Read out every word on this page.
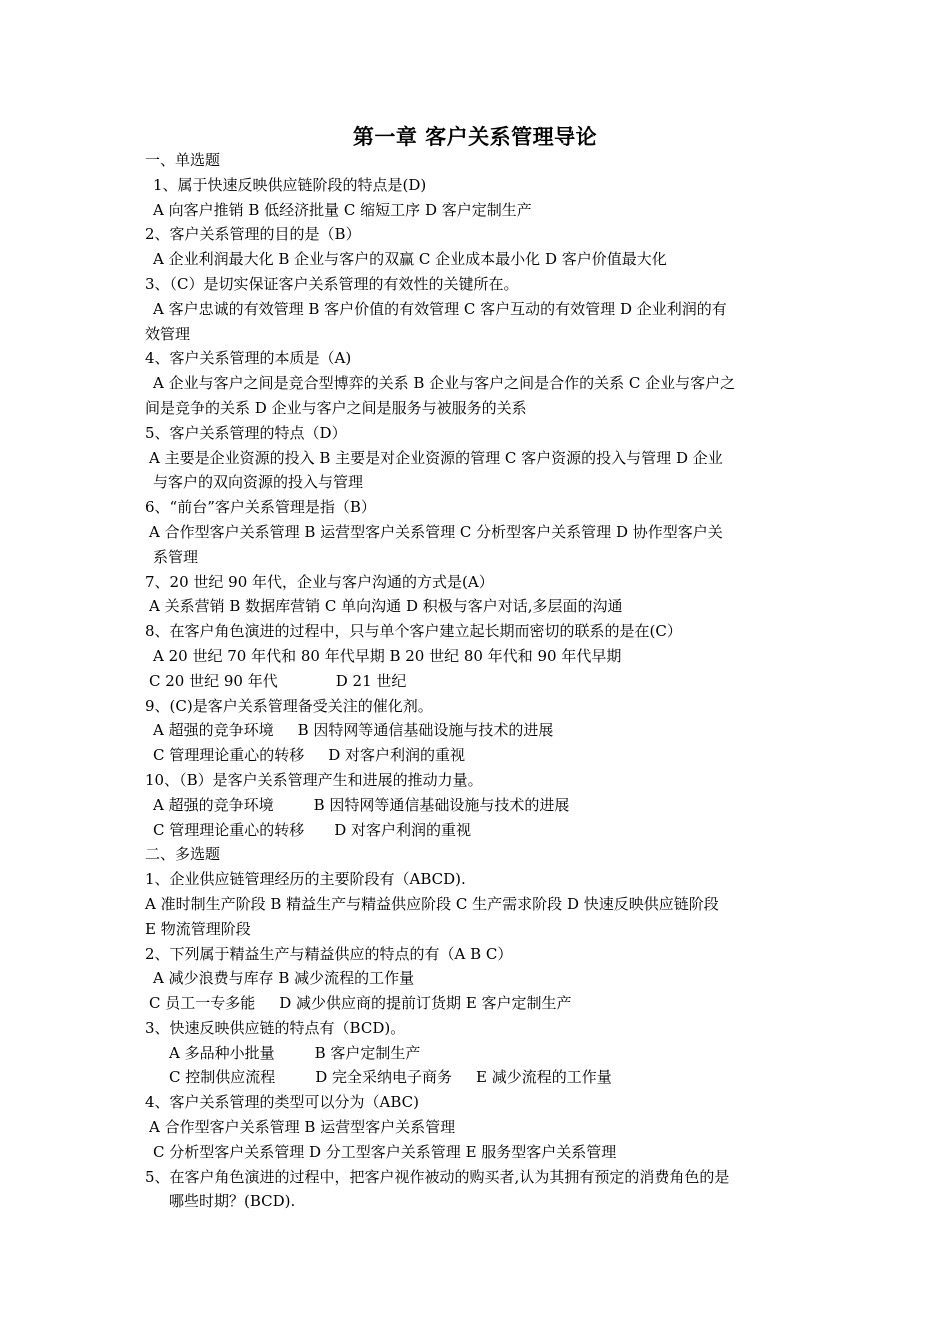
第一章 客户关系管理导论
一、单选题
1、属于快速反映供应链阶段的特点是(D)
A 向客户推销 B 低经济批量 C 缩短工序 D 客户定制生产
2、客户关系管理的目的是（B）
A 企业利润最大化 B 企业与客户的双赢 C 企业成本最小化 D 客户价值最大化
3、（C）是切实保证客户关系管理的有效性的关键所在。
A 客户忠诚的有效管理 B 客户价值的有效管理 C 客户互动的有效管理 D 企业利润的有
效管理
4、客户关系管理的本质是（A)
A 企业与客户之间是竞合型博弈的关系 B 企业与客户之间是合作的关系 C 企业与客户之
间是竞争的关系 D 企业与客户之间是服务与被服务的关系
5、客户关系管理的特点（D）
A 主要是企业资源的投入 B 主要是对企业资源的管理 C 客户资源的投入与管理 D 企业
与客户的双向资源的投入与管理
6、“前台”客户关系管理是指（B）
A 合作型客户关系管理 B 运营型客户关系管理 C 分析型客户关系管理 D 协作型客户关
系管理
7、20 世纪 90 年代，企业与客户沟通的方式是(A）
A 关系营销 B 数据库营销 C 单向沟通 D 积极与客户对话,多层面的沟通
8、在客户角色演进的过程中，只与单个客户建立起长期而密切的联系的是在(C）
A 20 世纪 70 年代和 80 年代早期 B 20 世纪 80 年代和 90 年代早期
C 20 世纪 90 年代	D 21 世纪
9、(C)是客户关系管理备受关注的催化剂。
A 超强的竞争环境 B 因特网等通信基础设施与技术的进展
C 管理理论重心的转移 D 对客户利润的重视
10、（B）是客户关系管理产生和进展的推动力量。
A 超强的竞争环境	B 因特网等通信基础设施与技术的进展
C 管理理论重心的转移 D 对客户利润的重视
二、多选题
1、企业供应链管理经历的主要阶段有（ABCD).
A 准时制生产阶段 B 精益生产与精益供应阶段 C 生产需求阶段 D 快速反映供应链阶段
E 物流管理阶段
2、下列属于精益生产与精益供应的特点的有（A B C）
A 减少浪费与库存 B 减少流程的工作量
C 员工一专多能 D 减少供应商的提前订货期 E 客户定制生产
3、快速反映供应链的特点有（BCD)。
A 多品种小批量	B 客户定制生产
C 控制供应流程	D 完全采纳电子商务 E 减少流程的工作量
4、客户关系管理的类型可以分为（ABC)
A 合作型客户关系管理 B 运营型客户关系管理
C 分析型客户关系管理 D 分工型客户关系管理 E 服务型客户关系管理
5、在客户角色演进的过程中，把客户视作被动的购买者,认为其拥有预定的消费角色的是
哪些时期？(BCD).
